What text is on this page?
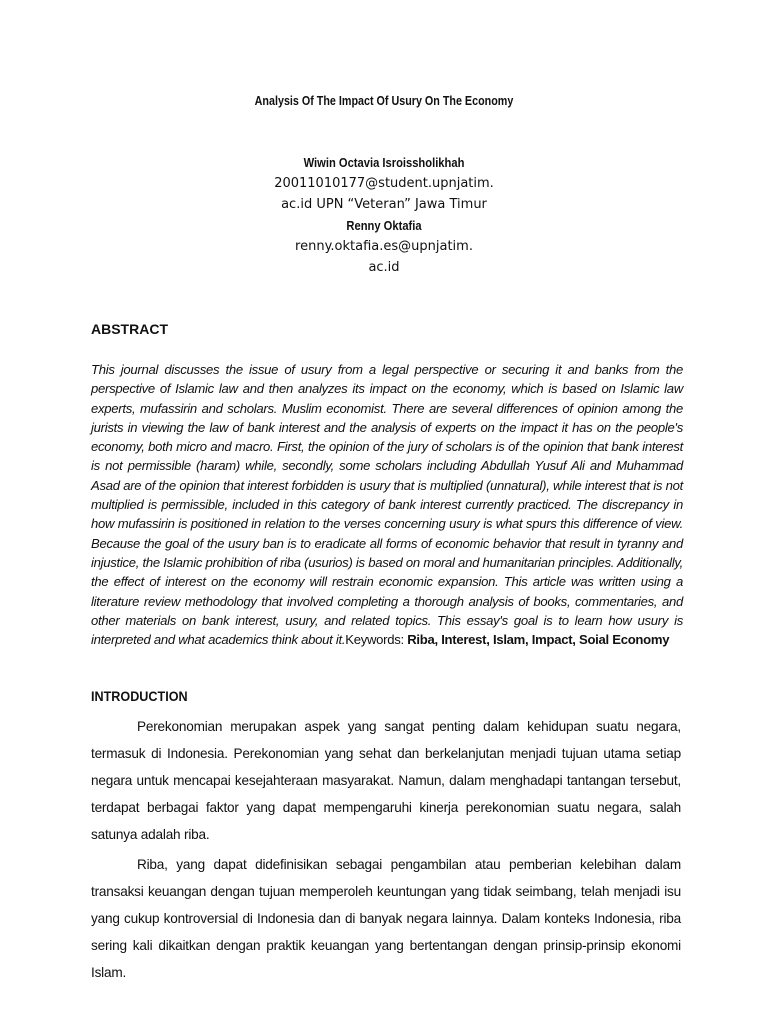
Analysis Of The Impact Of Usury On The Economy
Wiwin Octavia Isroissholikhah
20011010177@student.upnjatim.
ac.id UPN “Veteran” Jawa Timur
Renny Oktafia
renny.oktafia.es@upnjatim.
ac.id
ABSTRACT
This journal discusses the issue of usury from a legal perspective or securing it and banks from the perspective of Islamic law and then analyzes its impact on the economy, which is based on Islamic law experts, mufassirin and scholars. Muslim economist. There are several differences of opinion among the jurists in viewing the law of bank interest and the analysis of experts on the impact it has on the people's economy, both micro and macro. First, the opinion of the jury of scholars is of the opinion that bank interest is not permissible (haram) while, secondly, some scholars including Abdullah Yusuf Ali and Muhammad Asad are of the opinion that interest forbidden is usury that is multiplied (unnatural), while interest that is not multiplied is permissible, included in this category of bank interest currently practiced. The discrepancy in how mufassirin is positioned in relation to the verses concerning usury is what spurs this difference of view. Because the goal of the usury ban is to eradicate all forms of economic behavior that result in tyranny and injustice, the Islamic prohibition of riba (usurios) is based on moral and humanitarian principles. Additionally, the effect of interest on the economy will restrain economic expansion. This article was written using a literature review methodology that involved completing a thorough analysis of books, commentaries, and other materials on bank interest, usury, and related topics. This essay's goal is to learn how usury is interpreted and what academics think about it.Keywords: Riba, Interest, Islam, Impact, Soial Economy
INTRODUCTION

Perekonomian merupakan aspek yang sangat penting dalam kehidupan suatu negara, termasuk di Indonesia. Perekonomian yang sehat dan berkelanjutan menjadi tujuan utama setiap negara untuk mencapai kesejahteraan masyarakat. Namun, dalam menghadapi tantangan tersebut, terdapat berbagai faktor yang dapat mempengaruhi kinerja perekonomian suatu negara, salah satunya adalah riba.

Riba, yang dapat didefinisikan sebagai pengambilan atau pemberian kelebihan dalam transaksi keuangan dengan tujuan memperoleh keuntungan yang tidak seimbang, telah menjadi isu yang cukup kontroversial di Indonesia dan di banyak negara lainnya. Dalam konteks Indonesia, riba sering kali dikaitkan dengan praktik keuangan yang bertentangan dengan prinsip-prinsip ekonomi Islam.
